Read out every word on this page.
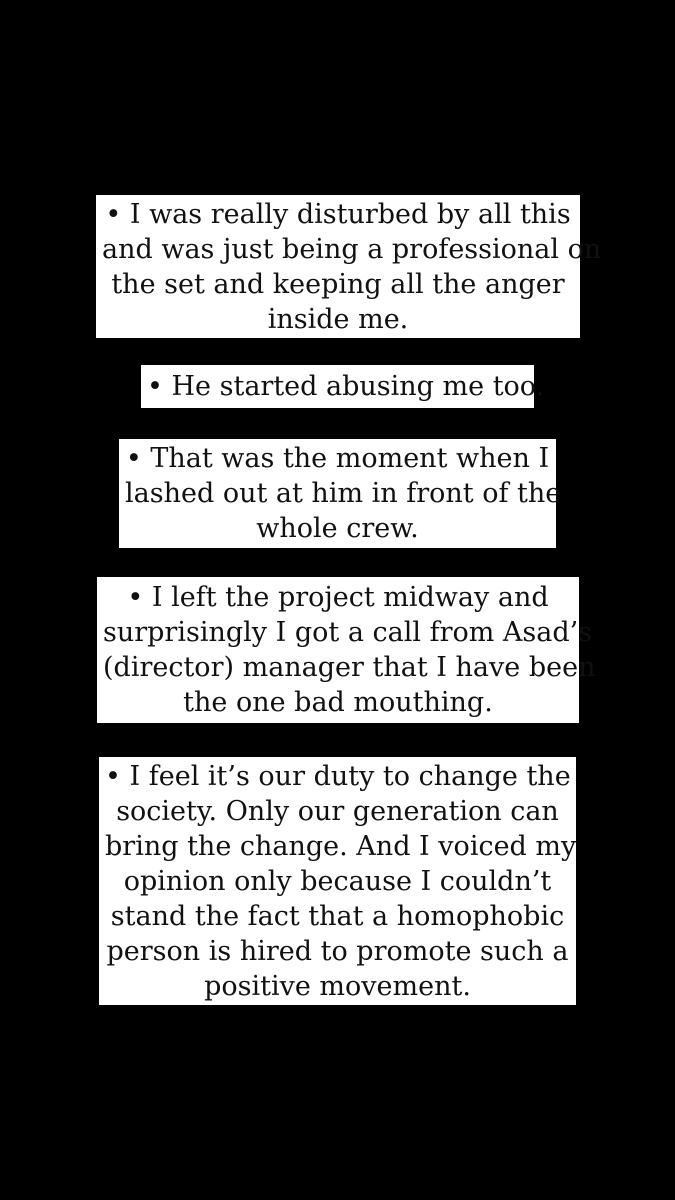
• I was really disturbed by all this
and was just being a professional on
the set and keeping all the anger
inside me.
• He started abusing me too.
• That was the moment when I
lashed out at him in front of the
whole crew.
• I left the project midway and
surprisingly I got a call from Asad’s
(director) manager that I have been
the one bad mouthing.
• I feel it’s our duty to change the
society. Only our generation can
bring the change. And I voiced my
opinion only because I couldn’t
stand the fact that a homophobic
person is hired to promote such a
positive movement.
